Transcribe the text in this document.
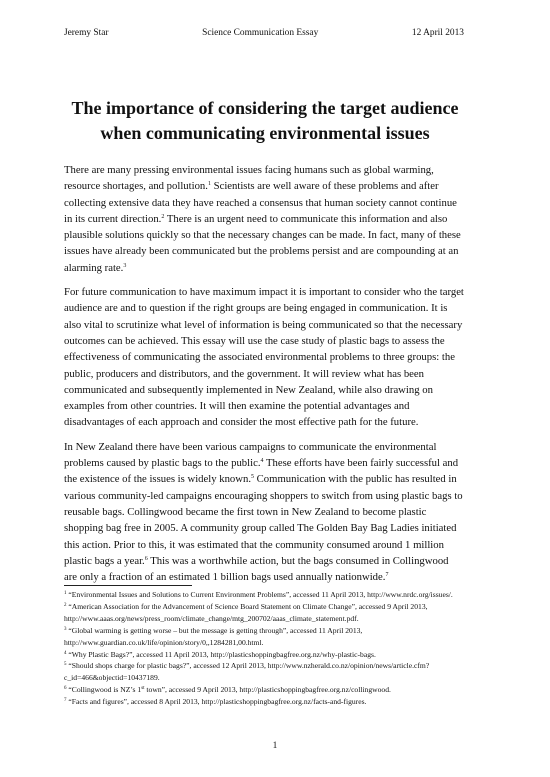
Jeremy Star	Science Communication Essay	12 April 2013
The importance of considering the target audience when communicating environmental issues

There are many pressing environmental issues facing humans such as global warming, resource shortages, and pollution.$^1$ Scientists are well aware of these problems and after collecting extensive data they have reached a consensus that human society cannot continue in its current direction.$^2$ There is an urgent need to communicate this information and also plausible solutions quickly so that the necessary changes can be made. In fact, many of these issues have already been communicated but the problems persist and are compounding at an alarming rate.$^3$

For future communication to have maximum impact it is important to consider who the target audience are and to question if the right groups are being engaged in communication. It is also vital to scrutinize what level of information is being communicated so that the necessary outcomes can be achieved. This essay will use the case study of plastic bags to assess the effectiveness of communicating the associated environmental problems to three groups: the public, producers and distributors, and the government. It will review what has been communicated and subsequently implemented in New Zealand, while also drawing on examples from other countries. It will then examine the potential advantages and disadvantages of each approach and consider the most effective path for the future.

In New Zealand there have been various campaigns to communicate the environmental problems caused by plastic bags to the public.$^4$ These efforts have been fairly successful and the existence of the issues is widely known.$^5$ Communication with the public has resulted in various community-led campaigns encouraging shoppers to switch from using plastic bags to reusable bags. Collingwood became the first town in New Zealand to become plastic shopping bag free in 2005. A community group called The Golden Bay Bag Ladies initiated this action. Prior to this, it was estimated that the community consumed around 1 million plastic bags a year.$^6$ This was a worthwhile action, but the bags consumed in Collingwood are only a fraction of an estimated 1 billion bags used annually nationwide.$^7$

$^1$ “Environmental Issues and Solutions to Current Environment Problems”, accessed 11 April 2013, http://www.nrdc.org/issues/.

$^2$ “American Association for the Advancement of Science Board Statement on Climate Change”, accessed 9 April 2013, http://www.aaas.org/news/press_room/climate_change/mtg_200702/aaas_climate_statement.pdf.

$^3$ “Global warming is getting worse – but the message is getting through”, accessed 11 April 2013, http://www.guardian.co.uk/life/opinion/story/0,,1284281,00.html.

$^4$ “Why Plastic Bags?”, accessed 11 April 2013, http://plasticshoppingbagfree.org.nz/why-plastic-bags.

$^5$ “Should shops charge for plastic bags?”, accessed 12 April 2013, http://www.nzherald.co.nz/opinion/news/article.cfm?c_id=466&objectid=10437189.

$^6$ “Collingwood is NZ’s 1st town”, accessed 9 April 2013, http://plasticshoppingbagfree.org.nz/collingwood.

$^7$ “Facts and figures”, accessed 8 April 2013, http://plasticshoppingbagfree.org.nz/facts-and-figures.

1
